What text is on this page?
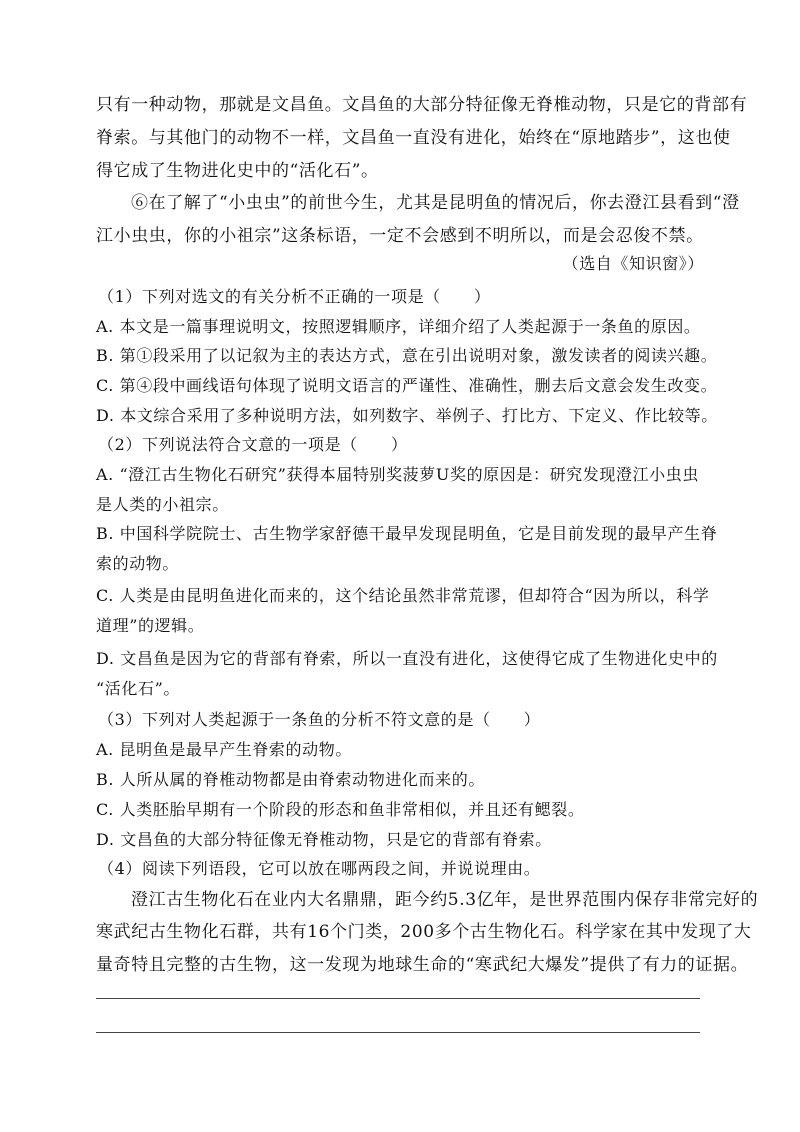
只有一种动物，那就是文昌鱼。文昌鱼的大部分特征像无脊椎动物，只是它的背部有
脊索。与其他门的动物不一样，文昌鱼一直没有进化，始终在“原地踏步”，这也使
得它成了生物进化史中的“活化石”。
⑥在了解了“小虫虫”的前世今生，尤其是昆明鱼的情况后，你去澄江县看到“澄
江小虫虫，你的小祖宗”这条标语，一定不会感到不明所以，而是会忍俊不禁。
（选自《知识窗》）
（1）下列对选文的有关分析不正确的一项是（　　）
A. 本文是一篇事理说明文，按照逻辑顺序，详细介绍了人类起源于一条鱼的原因。
B. 第①段采用了以记叙为主的表达方式，意在引出说明对象，激发读者的阅读兴趣。
C. 第④段中画线语句体现了说明文语言的严谨性、准确性，删去后文意会发生改变。
D. 本文综合采用了多种说明方法，如列数字、举例子、打比方、下定义、作比较等。
（2）下列说法符合文意的一项是（　　）
A. “澄江古生物化石研究”获得本届特别奖菠萝U奖的原因是：研究发现澄江小虫虫
是人类的小祖宗。
B. 中国科学院院士、古生物学家舒德干最早发现昆明鱼，它是目前发现的最早产生脊
索的动物。
C. 人类是由昆明鱼进化而来的，这个结论虽然非常荒谬，但却符合“因为所以，科学
道理”的逻辑。
D. 文昌鱼是因为它的背部有脊索，所以一直没有进化，这使得它成了生物进化史中的
“活化石”。
（3）下列对人类起源于一条鱼的分析不符文意的是（　　）
A. 昆明鱼是最早产生脊索的动物。
B. 人所从属的脊椎动物都是由脊索动物进化而来的。
C. 人类胚胎早期有一个阶段的形态和鱼非常相似，并且还有鳃裂。
D. 文昌鱼的大部分特征像无脊椎动物，只是它的背部有脊索。
（4）阅读下列语段，它可以放在哪两段之间，并说说理由。
澄江古生物化石在业内大名鼎鼎，距今约5.3亿年，是世界范围内保存非常完好的
寒武纪古生物化石群，共有16个门类，200多个古生物化石。科学家在其中发现了大
量奇特且完整的古生物，这一发现为地球生命的“寒武纪大爆发”提供了有力的证据。
